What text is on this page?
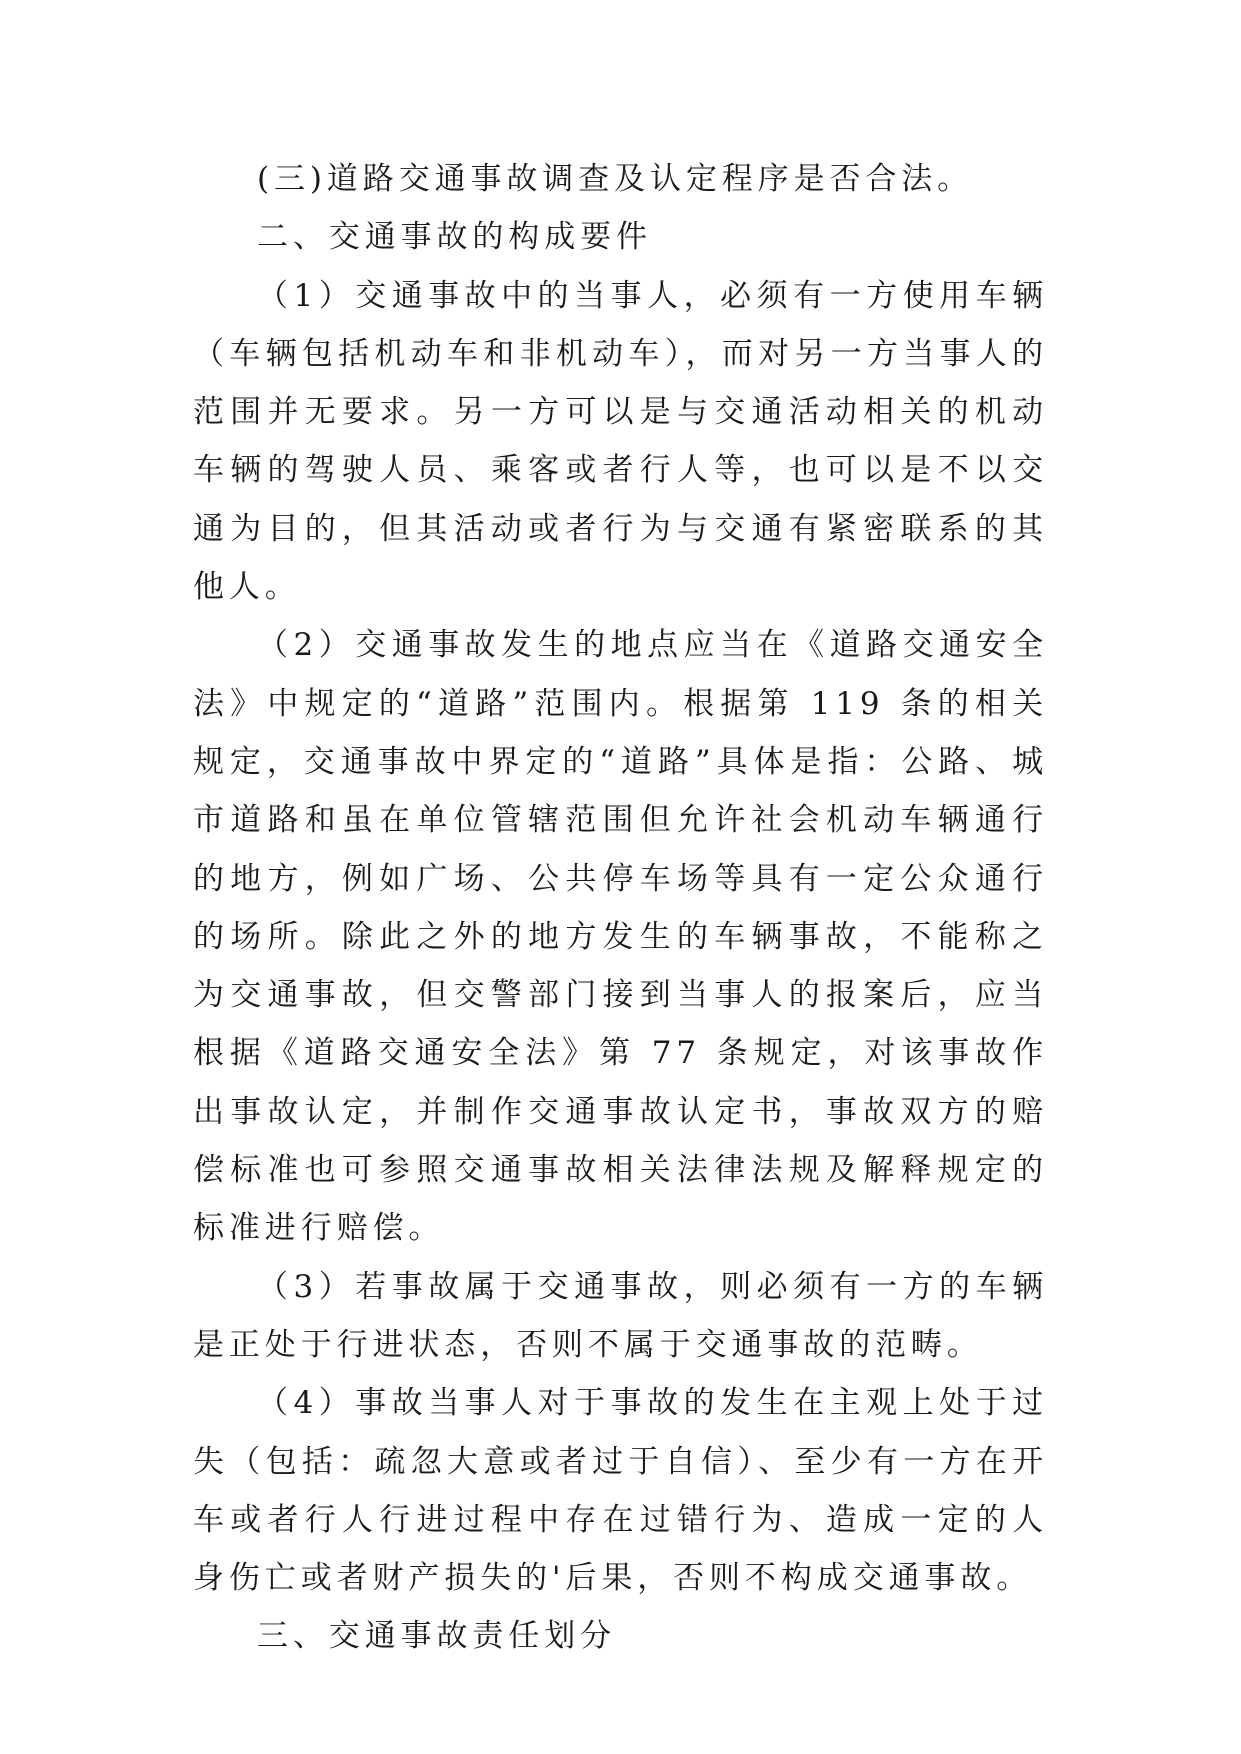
(三)道路交通事故调查及认定程序是否合法。

二、交通事故的构成要件

（1）交通事故中的当事人，必须有一方使用车辆（车辆包括机动车和非机动车），而对另一方当事人的范围并无要求。另一方可以是与交通活动相关的机动车辆的驾驶人员、乘客或者行人等，也可以是不以交通为目的，但其活动或者行为与交通有紧密联系的其他人。

（2）交通事故发生的地点应当在《道路交通安全法》中规定的“道路”范围内。根据第 119 条的相关规定，交通事故中界定的“道路”具体是指：公路、城市道路和虽在单位管辖范围但允许社会机动车辆通行的地方，例如广场、公共停车场等具有一定公众通行的场所。除此之外的地方发生的车辆事故，不能称之为交通事故，但交警部门接到当事人的报案后，应当根据《道路交通安全法》第 77 条规定，对该事故作出事故认定，并制作交通事故认定书，事故双方的赔偿标准也可参照交通事故相关法律法规及解释规定的标准进行赔偿。

（3）若事故属于交通事故，则必须有一方的车辆是正处于行进状态，否则不属于交通事故的范畴。

（4）事故当事人对于事故的发生在主观上处于过失（包括：疏忽大意或者过于自信）、至少有一方在开车或者行人行进过程中存在过错行为、造成一定的人身伤亡或者财产损失的'后果，否则不构成交通事故。

三、交通事故责任划分
